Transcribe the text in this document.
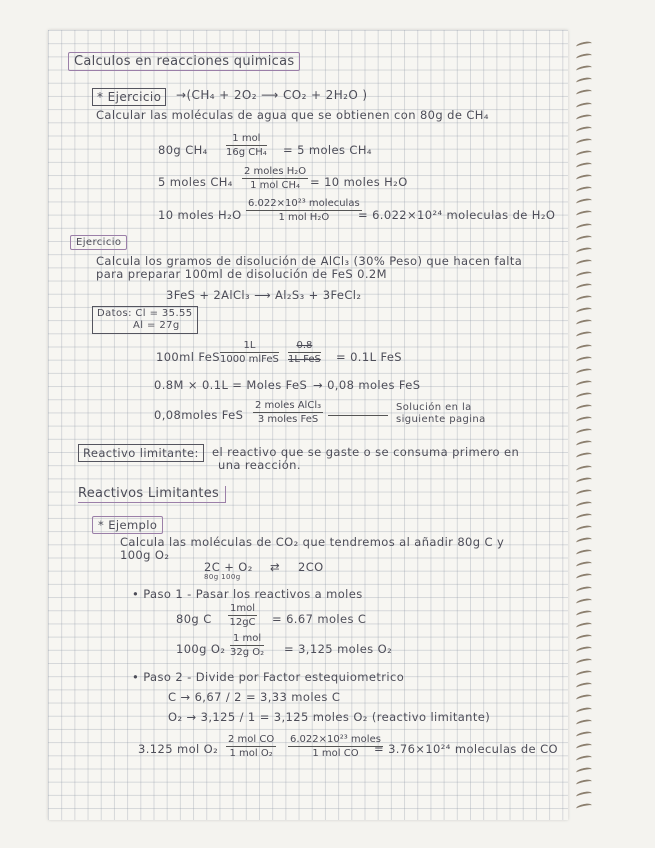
Calculos en reacciones quimicas
* Ejercicio	→(CH₄ + 2O₂ ⟶ CO₂ + 2H₂O )
Calcular las moléculas de agua que se obtienen con 80g de CH₄
80g CH₄
1 mol
16g CH₄ = 5 moles CH₄
5 moles CH₄
2 moles H₂O
1 mol CH₄ = 10 moles H₂O
10 moles H₂O
6.022×10²³ moleculas
1 mol H₂O	= 6.022×10²⁴ moleculas de H₂O
Ejercicio
Calcula los gramos de disolución de AlCl₃ (30% Peso) que hacen falta
para preparar 100ml de disolución de FeS 0.2M
3FeS + 2AlCl₃ ⟶ Al₂S₃ + 3FeCl₂
Datos: Cl = 35.55
Al = 27g
100ml FeS
1L
1000 mlFeS
0.8
1L FeS = 0.1L FeS
0.8M × 0.1L = Moles FeS → 0,08 moles FeS
0,08moles FeS
2 moles AlCl₃
3 moles FeS
Solución en la
siguiente pagina
Reactivo limitante:	el reactivo que se gaste o se consuma primero en
una reacción.
Reactivos Limitantes
* Ejemplo
Calcula las moléculas de CO₂ que tendremos al añadir 80g C y
100g O₂
2C + O₂
80g 100g
⇄ 2CO
• Paso 1 - Pasar los reactivos a moles
80g C
1mol
12gC = 6.67 moles C
100g O₂
1 mol
32g O₂ = 3,125 moles O₂
• Paso 2 - Divide por Factor estequiometrico
C → 6,67 / 2 = 3,33 moles C
O₂ → 3,125 / 1 = 3,125 moles O₂ (reactivo limitante)
3.125 mol O₂
2 mol CO
1 mol O₂
6.022×10²³ moles
1 mol CO	= 3.76×10²⁴ moleculas de CO
